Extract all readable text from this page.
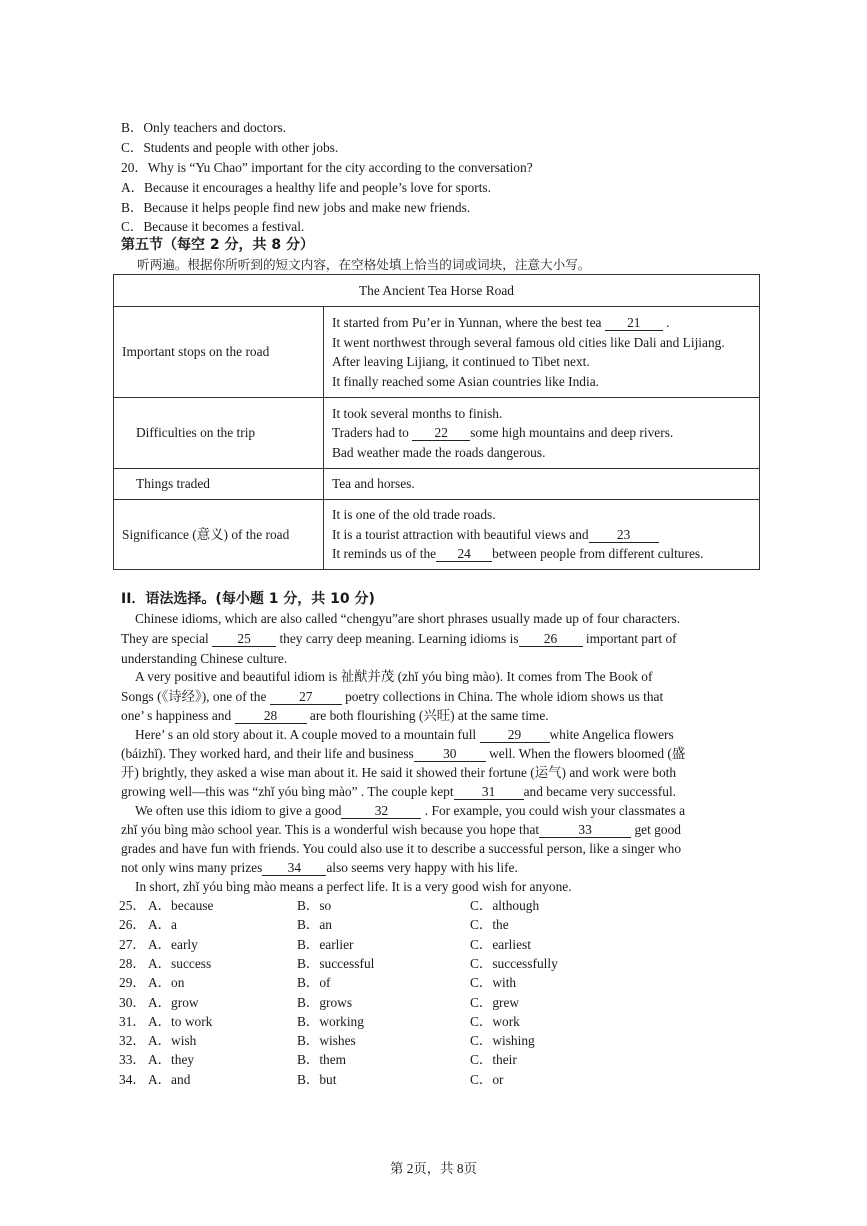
B．Only teachers and doctors.
C．Students and people with other jobs.
20．Why is “Yu Chao” important for the city according to the conversation?
A．Because it encourages a healthy life and people’s love for sports.
B．Because it helps people find new jobs and make new friends.
C．Because it becomes a festival.
第五节（每空 2 分，共 8 分）
听两遍。根据你所听到的短文内容，在空格处填上恰当的词或词块，注意大小写。
The Ancient Tea Horse Road	
Important stops on the road	It started from Pu’er in Yunnan, where the best tea 21 .
It went northwest through several famous old cities like Dali and Lijiang.
After leaving Lijiang, it continued to Tibet next.
It finally reached some Asian countries like India.

Difficulties on the trip	It took several months to finish.
Traders had to 22 some high mountains and deep rivers.
Bad weather made the roads dangerous.

Things traded	Tea and horses.
Significance (意义) of the road	It is one of the old trade roads.
It is a tourist attraction with beautiful views and 23
It reminds us of the 24 between people from different cultures.
II．语法选择。(每小题 1 分，共 10 分)
Chinese idioms, which are also called “chengyu”are short phrases usually made up of four characters.
They are special 25 they carry deep meaning. Learning idioms is 26 important part of
understanding Chinese culture.
A very positive and beautiful idiom is 祉猷并茂 (zhǐ yóu bìng mào). It comes from The Book of
Songs (《诗经》), one of the 27 poetry collections in China. The whole idiom shows us that
one’ s happiness and 28 are both flourishing (兴旺) at the same time.
Here’ s an old story about it. A couple moved to a mountain full 29 white Angelica flowers
(báizhǐ). They worked hard, and their life and business 30 well. When the flowers bloomed (盛
开) brightly, they asked a wise man about it. He said it showed their fortune (运气) and work were both
growing well—this was “zhǐ yóu bìng mào” . The couple kept 31 and became very successful.
We often use this idiom to give a good 32 . For example, you could wish your classmates a
zhǐ yóu bìng mào school year. This is a wonderful wish because you hope that	33	get good
grades and have fun with friends. You could also use it to describe a successful person, like a singer who
not only wins many prizes 34 also seems very happy with his life.
In short, zhǐ yóu bìng mào means a perfect life. It is a very good wish for anyone.
25． A．because	B．so	C．although
26． A．a	B．an	C．the
27． A．early	B．earlier	C．earliest
28． A．success	B．successful	C．successfully
29． A．on	B．of	C．with
30． A．grow	B．grows	C．grew
31． A．to work	B．working	C．work
32． A．wish	B．wishes	C．wishing
33． A．they	B．them	C．their
34． A．and	B．but	C．or
第 2页，共 8页
